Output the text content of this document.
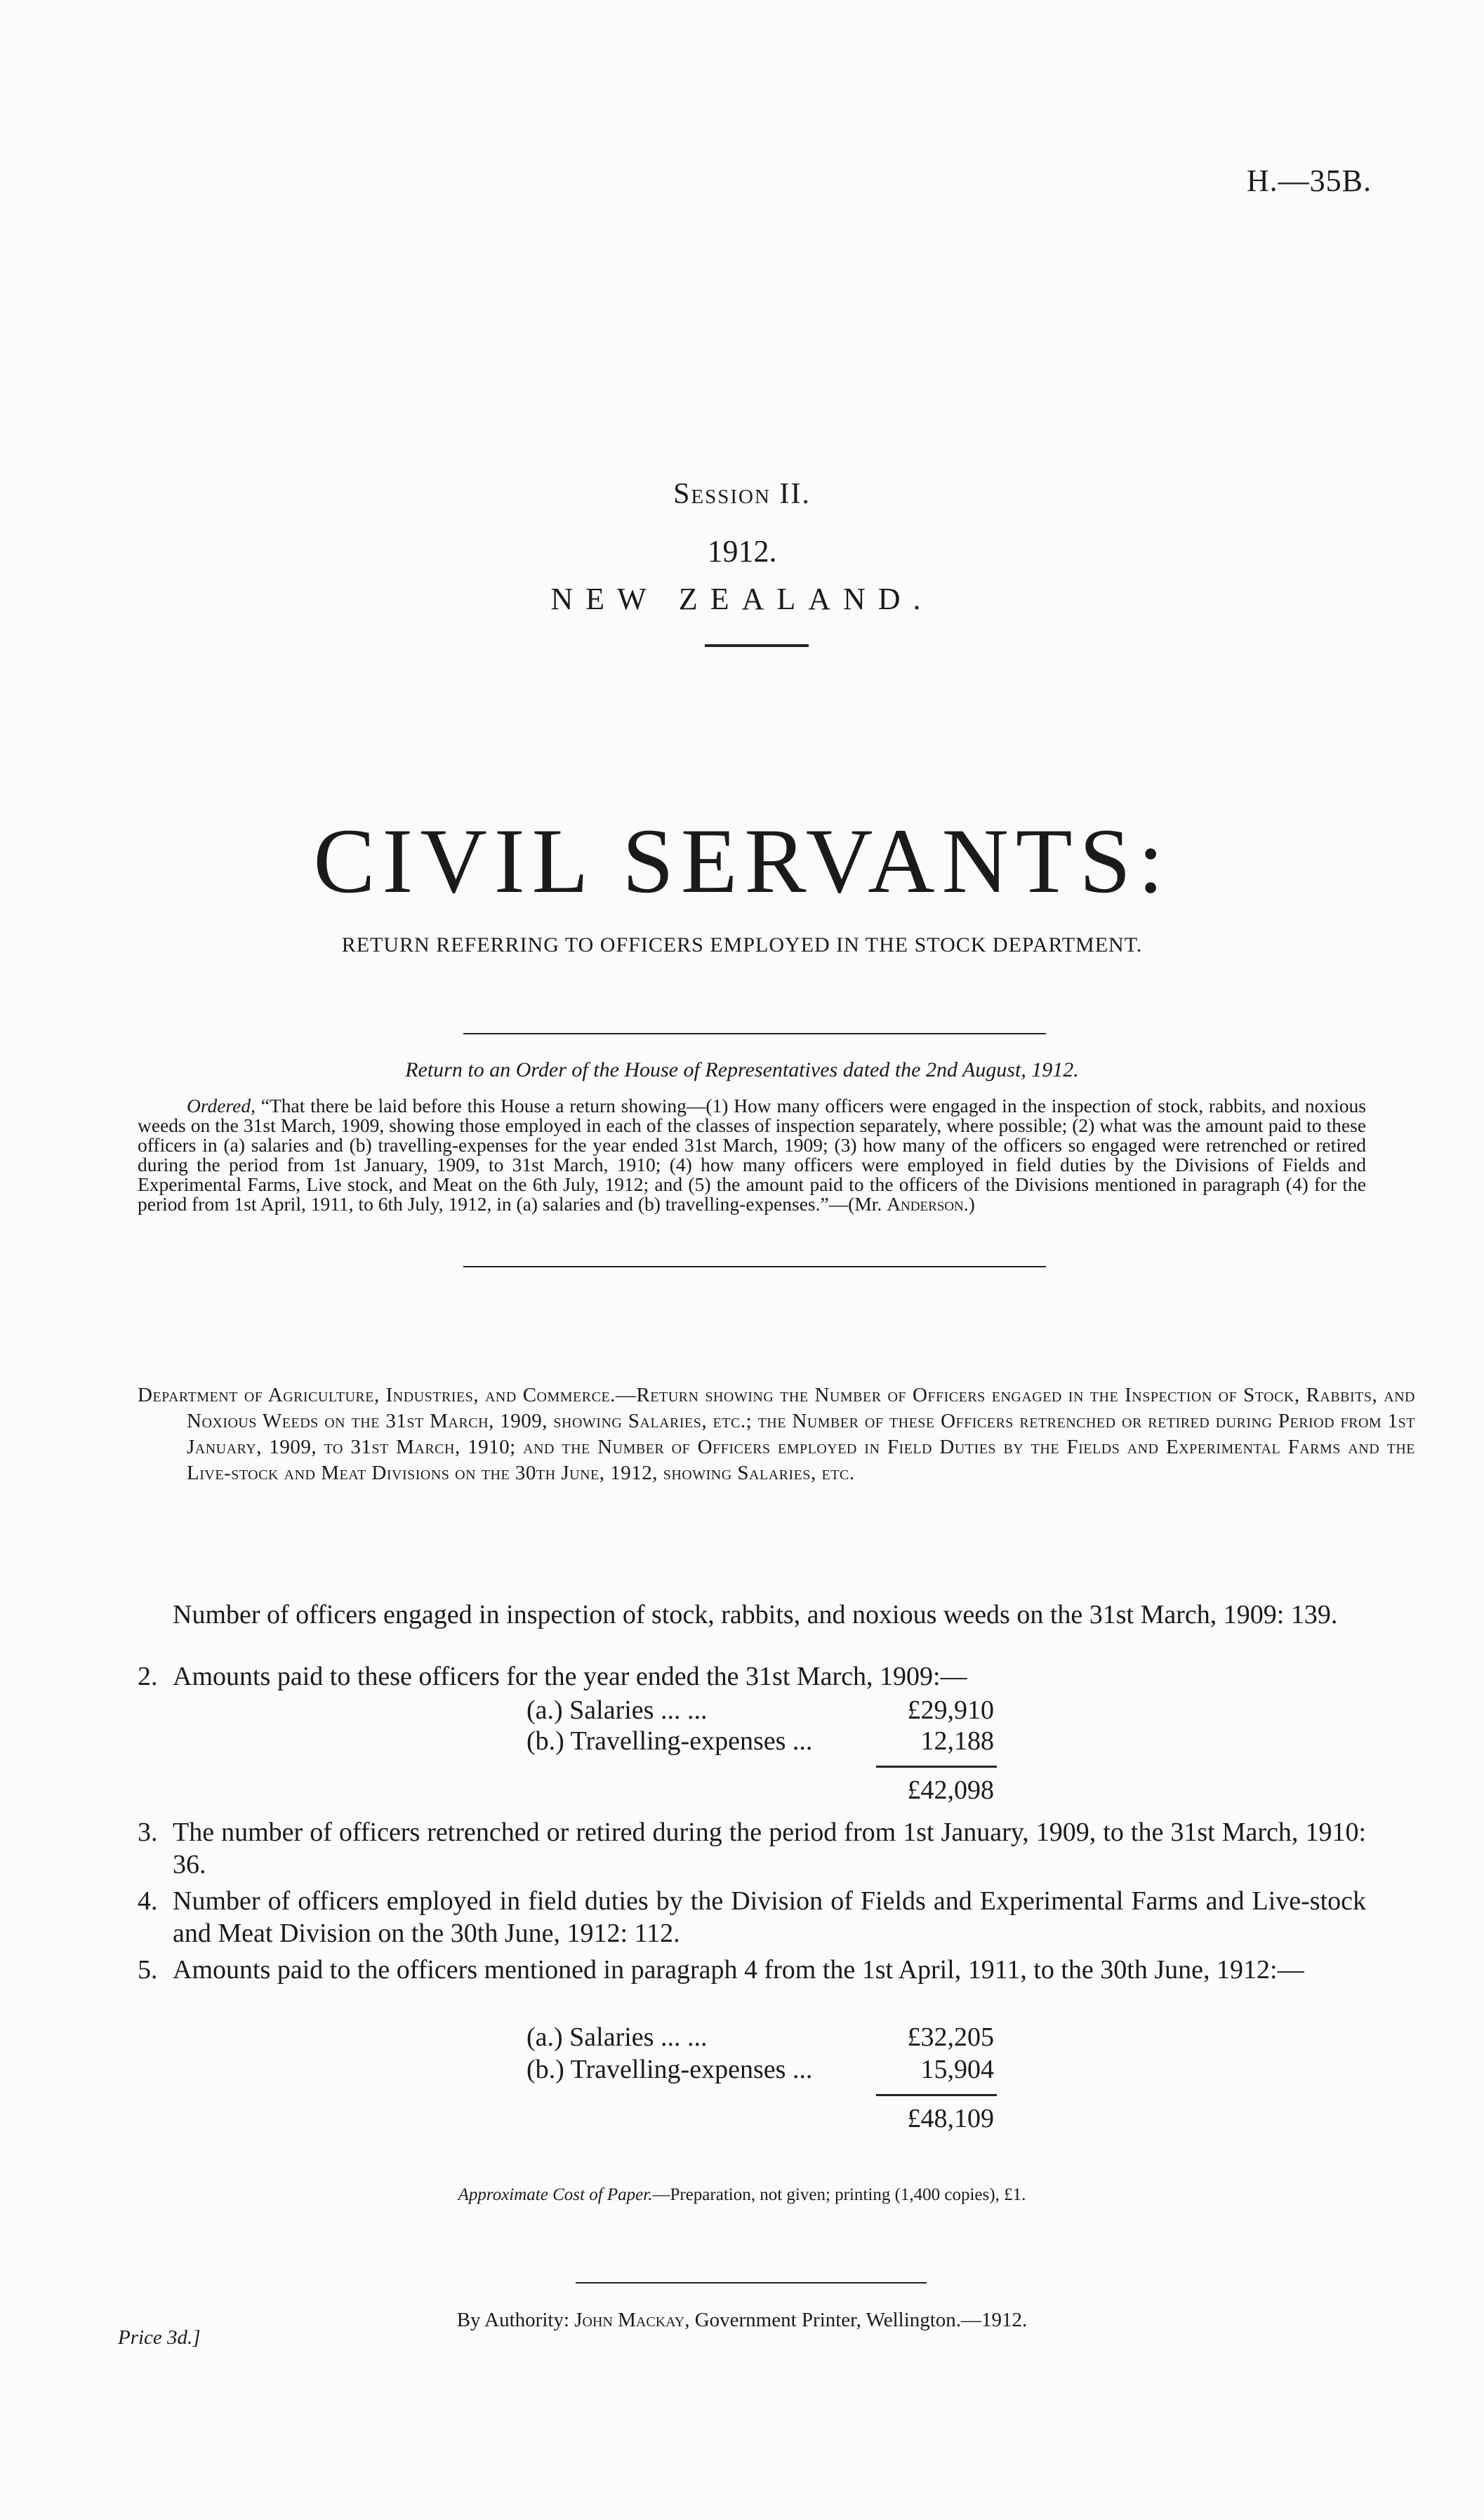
H.—35B.
Session II.
1912.
NEW ZEALAND.
CIVIL SERVANTS:
RETURN REFERRING TO OFFICERS EMPLOYED IN THE STOCK DEPARTMENT.
Return to an Order of the House of Representatives dated the 2nd August, 1912.
Ordered, “That there be laid before this House a return showing—(1) How many officers were engaged in the inspection of stock, rabbits, and noxious weeds on the 31st March, 1909, showing those employed in each of the classes of inspection separately, where possible; (2) what was the amount paid to these officers in (a) salaries and (b) travelling-expenses for the year ended 31st March, 1909; (3) how many of the officers so engaged were retrenched or retired during the period from 1st January, 1909, to 31st March, 1910; (4) how many officers were employed in field duties by the Divisions of Fields and Experimental Farms, Live stock, and Meat on the 6th July, 1912; and (5) the amount paid to the officers of the Divisions mentioned in paragraph (4) for the period from 1st April, 1911, to 6th July, 1912, in (a) salaries and (b) travelling-expenses.”—(Mr. Anderson.)
Department of Agriculture, Industries, and Commerce.—Return showing the Number of Officers engaged in the Inspection of Stock, Rabbits, and Noxious Weeds on the 31st March, 1909, showing Salaries, etc.; the Number of these Officers retrenched or retired during Period from 1st January, 1909, to 31st March, 1910; and the Number of Officers employed in Field Duties by the Fields and Experimental Farms and the Live-stock and Meat Divisions on the 30th June, 1912, showing Salaries, etc.
Number of officers engaged in inspection of stock, rabbits, and noxious weeds on the 31st March, 1909: 139.
2. Amounts paid to these officers for the year ended the 31st March, 1909:—
(a.) Salaries ... ...	£29,910
(b.) Travelling-expenses ...	12,188
£42,098
3. The number of officers retrenched or retired during the period from 1st January, 1909, to the 31st March, 1910: 36.
4. Number of officers employed in field duties by the Division of Fields and Experimental Farms and Live-stock and Meat Division on the 30th June, 1912: 112.
5. Amounts paid to the officers mentioned in paragraph 4 from the 1st April, 1911, to the 30th June, 1912:—
(a.) Salaries ... ...	£32,205
(b.) Travelling-expenses ...	15,904
£48,109
Approximate Cost of Paper.—Preparation, not given; printing (1,400 copies), £1.
By Authority: John Mackay, Government Printer, Wellington.—1912.
Price 3d.]
